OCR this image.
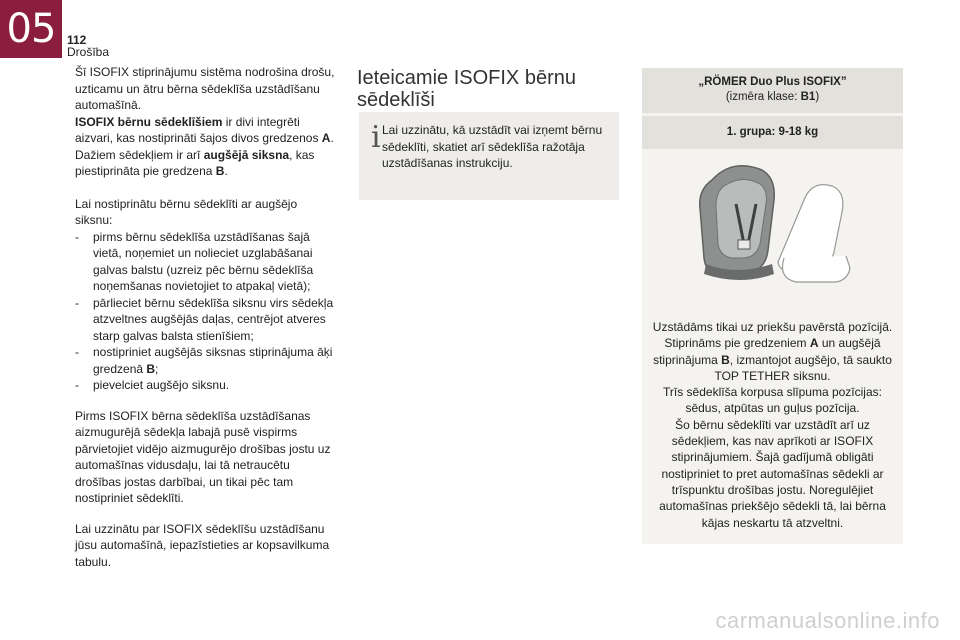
05 112
Drošība

Šī ISOFIX stiprinājumu sistēma nodrošina drošu, uzticamu un ātru bērna sēdeklīša uzstādīšanu automašīnā.
ISOFIX bērnu sēdeklīšiem ir divi integrēti aizvari, kas nostiprināti šajos divos gredzenos A.
Dažiem sēdekļiem ir arī augšējā siksna, kas piestiprināta pie gredzena B.

Lai nostiprinātu bērnu sēdeklīti ar augšējo siksnu:

- pirms bērnu sēdeklīša uzstādīšanas šajā vietā, noņemiet un nolieciet uzglabāšanai galvas balstu (uzreiz pēc bērnu sēdeklīša noņemšanas novietojiet to atpakaļ vietā);
- pārlieciet bērnu sēdeklīša siksnu virs sēdekļa atzveltnes augšējās daļas, centrējot atveres starp galvas balsta stienīšiem;
- nostipriniet augšējās siksnas stiprinājuma āķi gredzenā B;
- pievelciet augšējo siksnu.

Pirms ISOFIX bērna sēdeklīša uzstādīšanas aizmugurējā sēdekļa labajā pusē vispirms pārvietojiet vidējo aizmugurējo drošības jostu uz automašīnas vidusdaļu, lai tā netraucētu drošības jostas darbībai, un tikai pēc tam nostipriniet sēdeklīti.

Lai uzzinātu par ISOFIX sēdeklīšu uzstādīšanu jūsu automašīnā, iepazīstieties ar kopsavilkuma tabulu.

Ieteicamie ISOFIX bērnu sēdeklīši
i Lai uzzinātu, kā uzstādīt vai izņemt bērnu sēdeklīti, skatiet arī sēdeklīša ražotāja uzstādīšanas instrukciju.
„RÖMER Duo Plus ISOFIX”
(izmēra klase: B1)
1. grupa: 9-18 kg
Uzstādāms tikai uz priekšu pavērstā pozīcijā.
Stiprināms pie gredzeniem A un augšējā stiprinājuma B, izmantojot augšējo, tā saukto TOP TETHER siksnu.
Trīs sēdeklīša korpusa slīpuma pozīcijas: sēdus, atpūtas un guļus pozīcija.
Šo bērnu sēdeklīti var uzstādīt arī uz sēdekļiem, kas nav aprīkoti ar ISOFIX stiprinājumiem. Šajā gadījumā obligāti nostipriniet to pret automašīnas sēdekli ar trīspunktu drošības jostu. Noregulējiet automašīnas priekšējo sēdekli tā, lai bērna kājas neskartu tā atzveltni.
carmanualsonline.info
